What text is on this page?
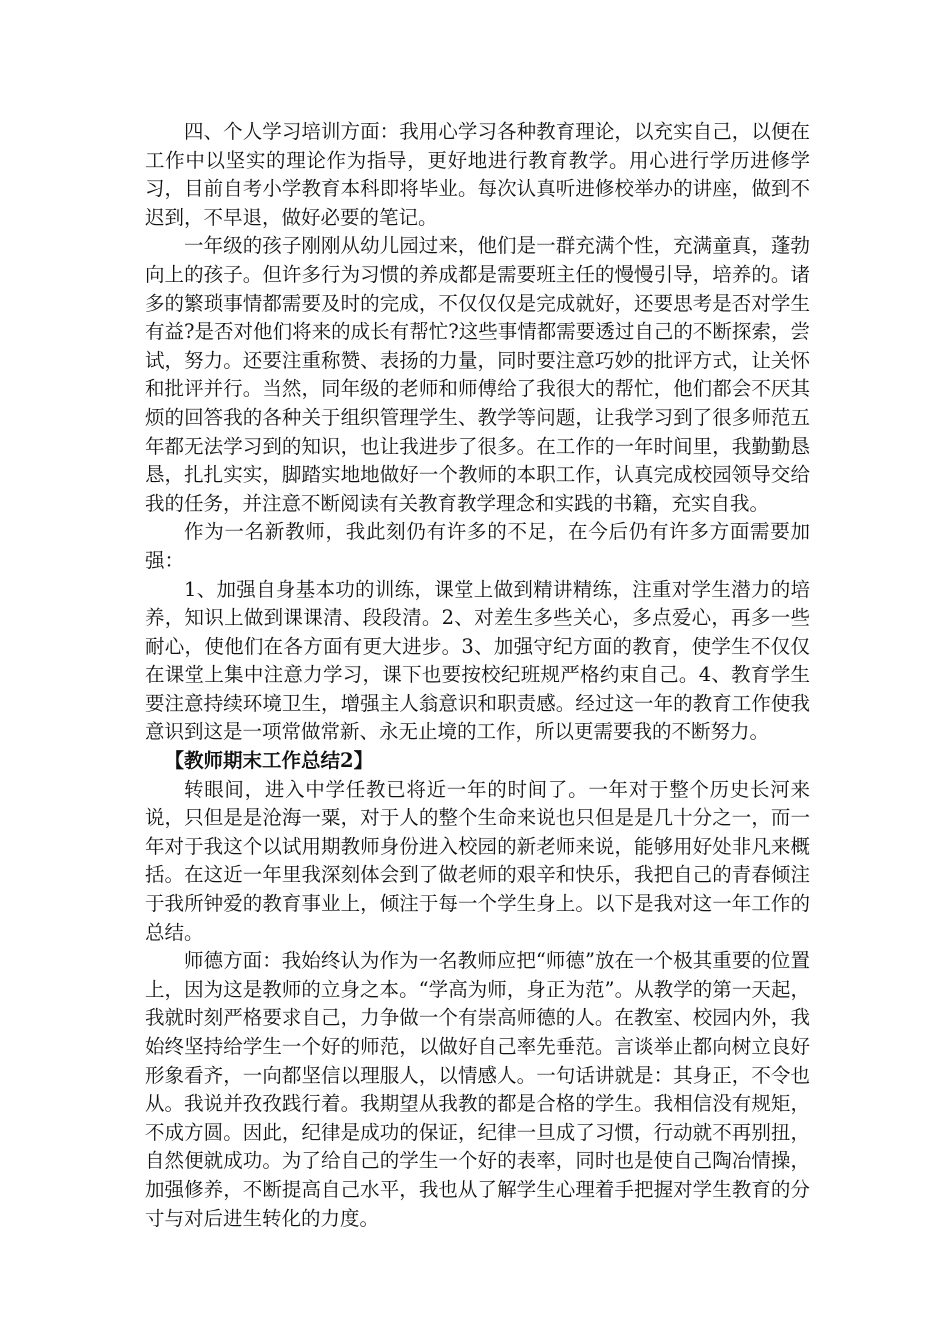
四、个人学习培训方面：我用心学习各种教育理论，以充实自己，以便在工作中以坚实的理论作为指导，更好地进行教育教学。用心进行学历进修学习，目前自考小学教育本科即将毕业。每次认真听进修校举办的讲座，做到不迟到，不早退，做好必要的笔记。

一年级的孩子刚刚从幼儿园过来，他们是一群充满个性，充满童真，蓬勃向上的孩子。但许多行为习惯的养成都是需要班主任的慢慢引导，培养的。诸多的繁琐事情都需要及时的完成，不仅仅仅是完成就好，还要思考是否对学生有益?是否对他们将来的成长有帮忙?这些事情都需要透过自己的不断探索，尝试，努力。还要注重称赞、表扬的力量，同时要注意巧妙的批评方式，让关怀和批评并行。当然，同年级的老师和师傅给了我很大的帮忙，他们都会不厌其烦的回答我的各种关于组织管理学生、教学等问题，让我学习到了很多师范五年都无法学习到的知识，也让我进步了很多。在工作的一年时间里，我勤勤恳恳，扎扎实实，脚踏实地地做好一个教师的本职工作，认真完成校园领导交给我的任务，并注意不断阅读有关教育教学理念和实践的书籍，充实自我。

作为一名新教师，我此刻仍有许多的不足，在今后仍有许多方面需要加强：

1、加强自身基本功的训练，课堂上做到精讲精练，注重对学生潜力的培养，知识上做到课课清、段段清。2、对差生多些关心，多点爱心，再多一些耐心，使他们在各方面有更大进步。3、加强守纪方面的教育，使学生不仅仅在课堂上集中注意力学习，课下也要按校纪班规严格约束自己。4、教育学生要注意持续环境卫生，增强主人翁意识和职责感。经过这一年的教育工作使我意识到这是一项常做常新、永无止境的工作，所以更需要我的不断努力。

【教师期末工作总结2】

转眼间，进入中学任教已将近一年的时间了。一年对于整个历史长河来说，只但是是沧海一粟，对于人的整个生命来说也只但是是几十分之一，而一年对于我这个以试用期教师身份进入校园的新老师来说，能够用好处非凡来概括。在这近一年里我深刻体会到了做老师的艰辛和快乐，我把自己的青春倾注于我所钟爱的教育事业上，倾注于每一个学生身上。以下是我对这一年工作的总结。

师德方面：我始终认为作为一名教师应把“师德”放在一个极其重要的位置上，因为这是教师的立身之本。“学高为师，身正为范”。从教学的第一天起，我就时刻严格要求自己，力争做一个有崇高师德的人。在教室、校园内外，我始终坚持给学生一个好的师范，以做好自己率先垂范。言谈举止都向树立良好形象看齐，一向都坚信以理服人，以情感人。一句话讲就是：其身正，不令也从。我说并孜孜践行着。我期望从我教的都是合格的学生。我相信没有规矩，不成方圆。因此，纪律是成功的保证，纪律一旦成了习惯，行动就不再别扭，自然便就成功。为了给自己的学生一个好的表率，同时也是使自己陶冶情操，加强修养，不断提高自己水平，我也从了解学生心理着手把握对学生教育的分寸与对后进生转化的力度。
